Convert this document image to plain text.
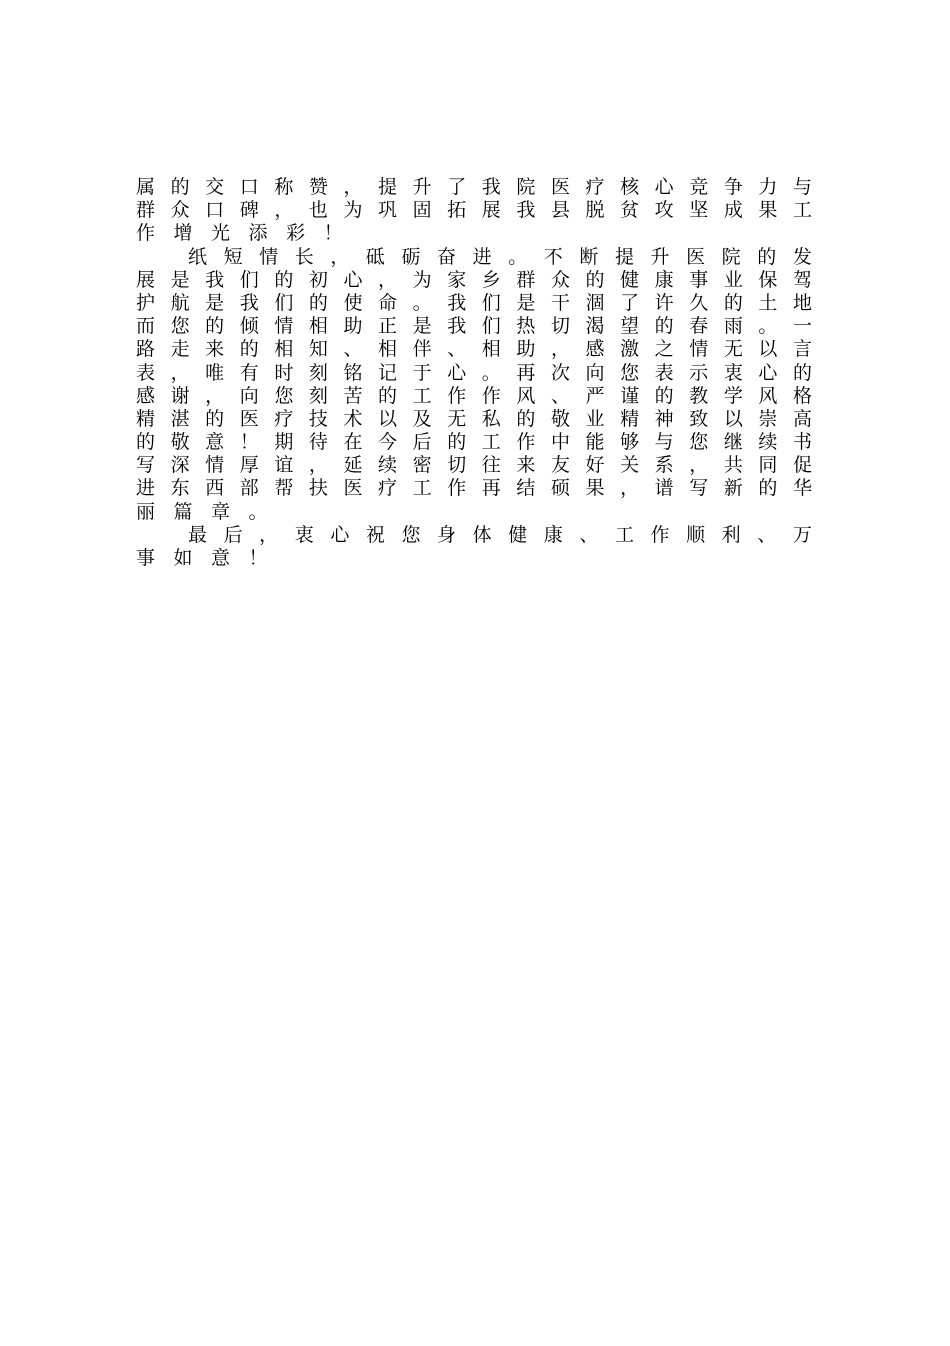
属 的 交 口 称 赞 ， 提 升 了 我 院 医 疗 核 心 竞 争 力 与
群 众 口 碑 ， 也 为 巩 固 拓 展 我 县 脱 贫 攻 坚 成 果 工
作 增 光 添 彩 ！
纸 短 情 长 ， 砥 砺 奋 进 。 不 断 提 升 医 院 的 发
展 是 我 们 的 初 心 ， 为 家 乡 群 众 的 健 康 事 业 保 驾
护 航 是 我 们 的 使 命 。 我 们 是 干 涸 了 许 久 的 土 地
而 您 的 倾 情 相 助 正 是 我 们 热 切 渴 望 的 春 雨 。 一
路 走 来 的 相 知 、 相 伴 、 相 助 ， 感 激 之 情 无 以 言
表 ， 唯 有 时 刻 铭 记 于 心 。 再 次 向 您 表 示 衷 心 的
感 谢 ， 向 您 刻 苦 的 工 作 作 风 、 严 谨 的 教 学 风 格
精 湛 的 医 疗 技 术 以 及 无 私 的 敬 业 精 神 致 以 崇 高
的 敬 意 ！ 期 待 在 今 后 的 工 作 中 能 够 与 您 继 续 书
写 深 情 厚 谊 ， 延 续 密 切 往 来 友 好 关 系 ， 共 同 促
进 东 西 部 帮 扶 医 疗 工 作 再 结 硕 果 ， 谱 写 新 的 华
丽 篇 章 。
最 后 ， 衷 心 祝 您 身 体 健 康 、 工 作 顺 利 、 万
事 如 意 ！
